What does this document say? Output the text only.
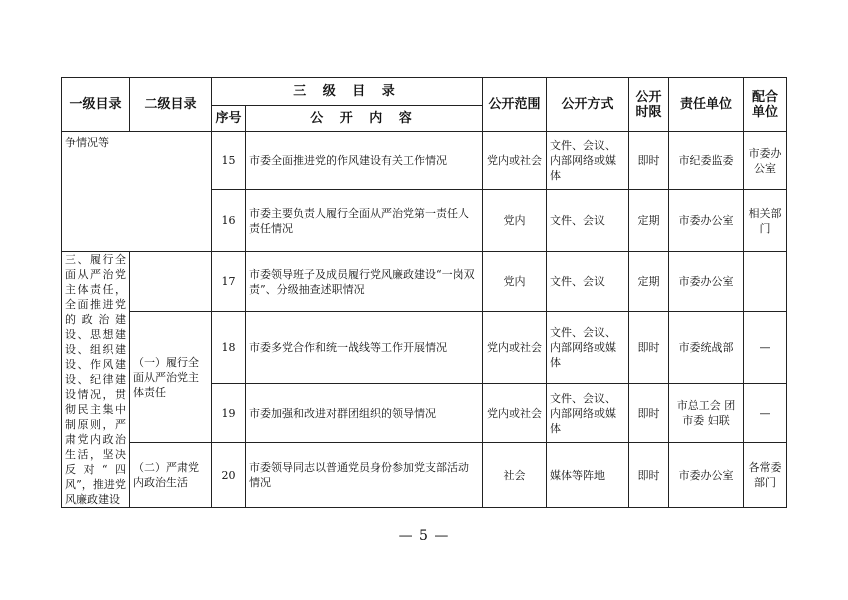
一级目录	二级目录	三 级 目 录		公开范围	公开方式	公开时限	责任单位	配合单位
		序号	公 开 内 容					
争情况等		15	市委全面推进党的作风建设有关工作情况	党内或社会	文件、会议、内部网络或媒体	即时	市纪委监委	市委办公室
		16	市委主要负责人履行全面从严治党第一责任人责任情况	党内	文件、会议	定期	市委办公室	相关部门
三、履行全面从严治党主体责任，全面推进党的政治建设、思想建设、组织建设、作风建设、纪律建设情况，贯彻民主集中制原则，严肃党内政治生活，坚决反对“四风”，推进党风廉政建设		17	市委领导班子及成员履行党风廉政建设“一岗双责”、分级抽查述职情况	党内	文件、会议	定期	市委办公室	
	（一）履行全面从严治党主体责任	18	市委多党合作和统一战线等工作开展情况	党内或社会	文件、会议、内部网络或媒体	即时	市委统战部	—
		19	市委加强和改进对群团组织的领导情况	党内或社会	文件、会议、内部网络或媒体	即时	市总工会 团市委 妇联	—
	（二）严肃党内政治生活	20	市委领导同志以普通党员身份参加党支部活动情况	社会	媒体等阵地	即时	市委办公室	各常委部门
— 5 —
